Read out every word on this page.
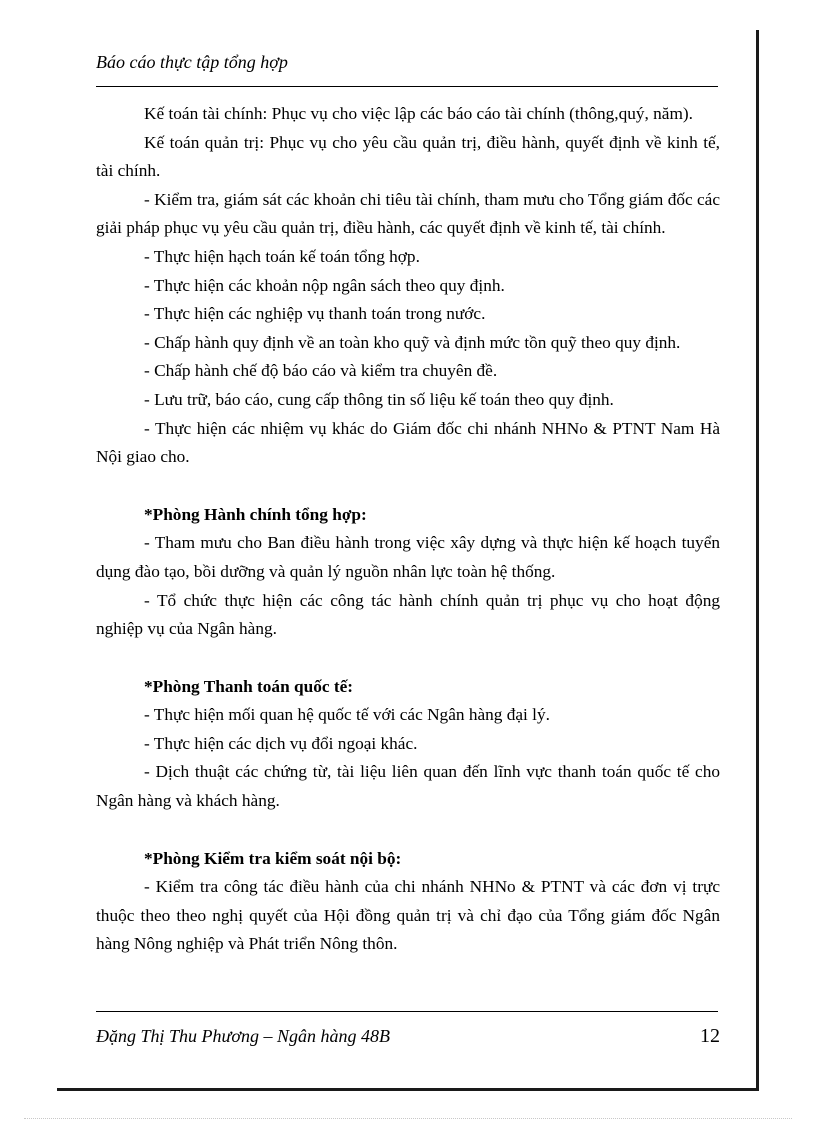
Báo cáo thực tập tổng hợp

Kế toán tài chính: Phục vụ cho việc lập các báo cáo tài chính (thông,quý, năm).

Kế toán quản trị: Phục vụ cho yêu cầu quản trị, điều hành, quyết định về kinh tế, tài chính.

- Kiểm tra, giám sát các khoản chi tiêu tài chính, tham mưu cho Tổng giám đốc các giải pháp phục vụ yêu cầu quản trị, điều hành, các quyết định về kinh tế, tài chính.

- Thực hiện hạch toán kế toán tổng hợp.

- Thực hiện các khoản nộp ngân sách theo quy định.

- Thực hiện các nghiệp vụ thanh toán trong nước.

- Chấp hành quy định về an toàn kho quỹ và định mức tồn quỹ theo quy định.

- Chấp hành chế độ báo cáo và kiểm tra chuyên đề.

- Lưu trữ, báo cáo, cung cấp thông tin số liệu kế toán theo quy định.

- Thực hiện các nhiệm vụ khác do Giám đốc chi nhánh NHNo & PTNT Nam Hà Nội giao cho.

*Phòng Hành chính tổng hợp:

- Tham mưu cho Ban điều hành trong việc xây dựng và thực hiện kế hoạch tuyển dụng đào tạo, bồi dưỡng và quản lý nguồn nhân lực toàn hệ thống.

- Tổ chức thực hiện các công tác hành chính quản trị phục vụ cho hoạt động nghiệp vụ của Ngân hàng.

*Phòng Thanh toán quốc tế:

- Thực hiện mối quan hệ quốc tế với các Ngân hàng đại lý.

- Thực hiện các dịch vụ đổi ngoại khác.

- Dịch thuật các chứng từ, tài liệu liên quan đến lĩnh vực thanh toán quốc tế cho Ngân hàng và khách hàng.

*Phòng Kiểm tra kiểm soát nội bộ:

- Kiểm tra công tác điều hành của chi nhánh NHNo & PTNT và các đơn vị trực thuộc theo theo nghị quyết của Hội đồng quản trị và chỉ đạo của Tổng giám đốc Ngân hàng Nông nghiệp và Phát triển Nông thôn.

Đặng Thị Thu Phương – Ngân hàng 48B	12
